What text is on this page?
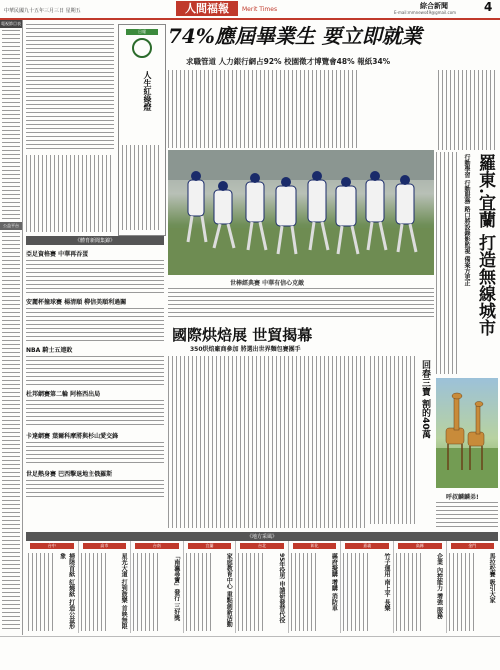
中華民國九十五年三月三日 星期五	人間福報	Merit Times	綜合新聞	4
E-mail:mmnews49@gmail.com
電視節目表
公益平台
日報
人生紅綠燈
74%應屆畢業生 要立即就業
求職管道 人力銀行網占92% 校園徵才博覽會48% 報紙34%
世棒經典賽 中華有信心克敵
國際烘焙展 世貿揭幕
350烘焙廠商參加 將選出世界麵包賽團手
回春三寶 割的40萬
羅東.宜蘭 打造無線城市
行動學習 行動服務 路口將設錄影監視 備案方更正
呼叔麟麟弟!
《體育新聞集錦》
亞足資格賽 中華再吞蛋
安麗杯撞球賽 楊清順 柳信美順利過關
NBA 騎士五連敗
杜邦網賽第二輪 阿格西出局
卡達網賽 葉爾科摩將與杉山愛交鋒
世足熱身賽 巴西擊退地主俄羅斯
《地方采風》
台中
掃陸首紙 紅燒紙 打造公益形象
高市
星光大道 打到鼓樂 首映無限
台南
「南瀛尋寶」發行 三好獎
宜蘭
家庭教育中心 重點創新活動
台北
95年役男 申請研發替代役
彰化
縣府擬購 增購 消防車
嘉義
竹子運用 南上平 長樂
高縣
企業 內控能力 增強 服務
金門
馬拉松賽 吸引大家
